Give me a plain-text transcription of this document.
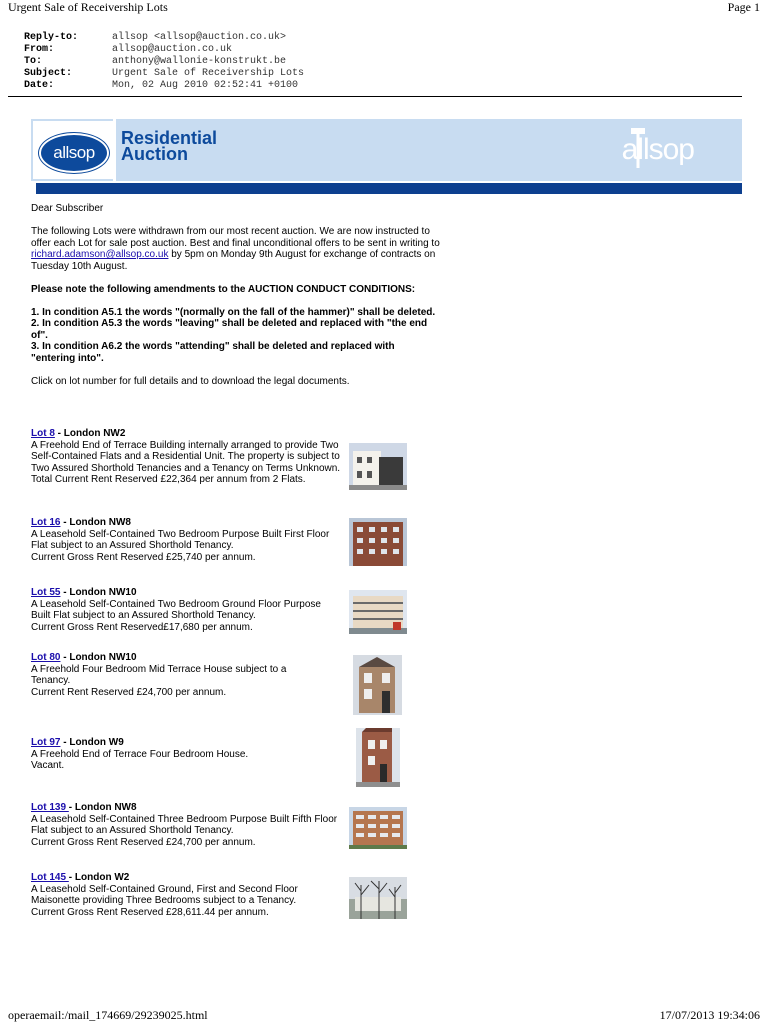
Urgent Sale of Receivership Lots	Page 1
Reply-to:	allsop <allsop@auction.co.uk>
From:	allsop@auction.co.uk
To:	anthony@wallonie-konstrukt.be
Subject:	Urgent Sale of Receivership Lots
Date:	Mon, 02 Aug 2010 02:52:41 +0100
allsop
Residential
Auction	allsop

Dear Subscriber

The following Lots were withdrawn from our most recent auction. We are now instructed to offer each Lot for sale post auction. Best and final unconditional offers to be sent in writing to richard.adamson@allsop.co.uk by 5pm on Monday 9th August for exchange of contracts on Tuesday 10th August.

Please note the following amendments to the AUCTION CONDUCT CONDITIONS:

1. In condition A5.1 the words "(normally on the fall of the hammer)" shall be deleted.

2. In condition A5.3 the words "leaving" shall be deleted and replaced with "the end of".

3. In condition A6.2 the words "attending" shall be deleted and replaced with "entering into".

Click on lot number for full details and to download the legal documents.

Lot 8 - London NW2
A Freehold End of Terrace Building internally arranged to provide Two Self-Contained Flats and a Residential Unit. The property is subject to Two Assured Shorthold Tenancies and a Tenancy on Terms Unknown.
Total Current Rent Reserved £22,364 per annum from 2 Flats.
Lot 16 - London NW8
A Leasehold Self-Contained Two Bedroom Purpose Built First Floor Flat subject to an Assured Shorthold Tenancy.
Current Gross Rent Reserved £25,740 per annum.
Lot 55 - London NW10
A Leasehold Self-Contained Two Bedroom Ground Floor Purpose Built Flat subject to an Assured Shorthold Tenancy.
Current Gross Rent Reserved£17,680 per annum.
Lot 80 - London NW10
A Freehold Four Bedroom Mid Terrace House subject to a Tenancy.
Current Rent Reserved £24,700 per annum.
Lot 97 - London W9
A Freehold End of Terrace Four Bedroom House.
Vacant.
Lot 139 - London NW8
A Leasehold Self-Contained Three Bedroom Purpose Built Fifth Floor Flat subject to an Assured Shorthold Tenancy.
Current Gross Rent Reserved £24,700 per annum.
Lot 145 - London W2
A Leasehold Self-Contained Ground, First and Second Floor Maisonette providing Three Bedrooms subject to a Tenancy.
Current Gross Rent Reserved £28,611.44 per annum.
operaemail:/mail_174669/29239025.html	17/07/2013 19:34:06
